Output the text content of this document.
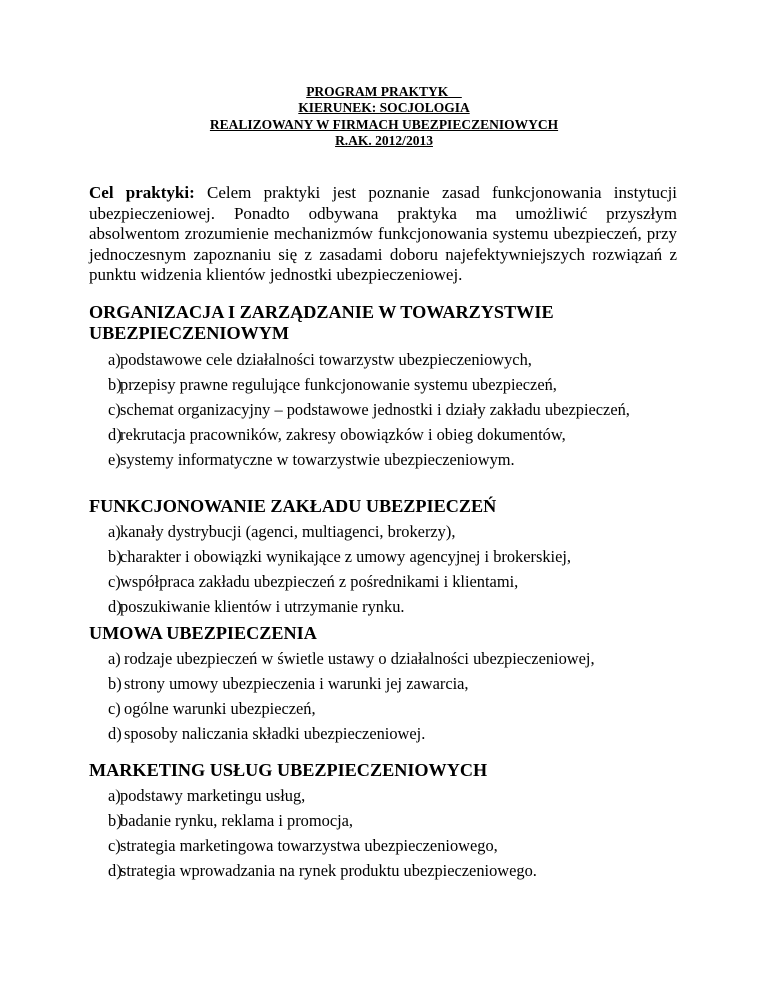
PROGRAM PRAKTYK
KIERUNEK: SOCJOLOGIA
REALIZOWANY W FIRMACH UBEZPIECZENIOWYCH
R.AK. 2012/2013

Cel praktyki: Celem praktyki jest poznanie zasad funkcjonowania instytucji ubezpieczeniowej. Ponadto odbywana praktyka ma umożliwić przyszłym absolwentom zrozumienie mechanizmów funkcjonowania systemu ubezpieczeń, przy jednoczesnym zapoznaniu się z zasadami doboru najefektywniejszych rozwiązań z punktu widzenia klientów jednostki ubezpieczeniowej.

ORGANIZACJA I ZARZĄDZANIE W TOWARZYSTWIE
UBEZPIECZENIOWYM
a) podstawowe cele działalności towarzystw ubezpieczeniowych,
b)
przepisy prawne regulujące funkcjonowanie systemu ubezpieczeń,
c) schemat organizacyjny – podstawowe jednostki i działy zakładu ubezpieczeń,
d)
rekrutacja pracowników, zakresy obowiązków i obieg dokumentów,
e) systemy informatyczne w towarzystwie ubezpieczeniowym.
FUNKCJONOWANIE ZAKŁADU UBEZPIECZEŃ
a) kanały dystrybucji (agenci, multiagenci, brokerzy),
b)
charakter i obowiązki wynikające z umowy agencyjnej i brokerskiej,
c) współpraca zakładu ubezpieczeń z pośrednikami i klientami,
d)
poszukiwanie klientów i utrzymanie rynku.
UMOWA UBEZPIECZENIA
a) rodzaje ubezpieczeń w świetle ustawy o działalności ubezpieczeniowej,
b) strony umowy ubezpieczenia i warunki jej zawarcia,
c) ogólne warunki ubezpieczeń,
d) sposoby naliczania składki ubezpieczeniowej.
MARKETING USŁUG UBEZPIECZENIOWYCH
a) podstawy marketingu usług,
b)
badanie rynku, reklama i promocja,
c) strategia marketingowa towarzystwa ubezpieczeniowego,
d)
strategia wprowadzania na rynek produktu ubezpieczeniowego.
